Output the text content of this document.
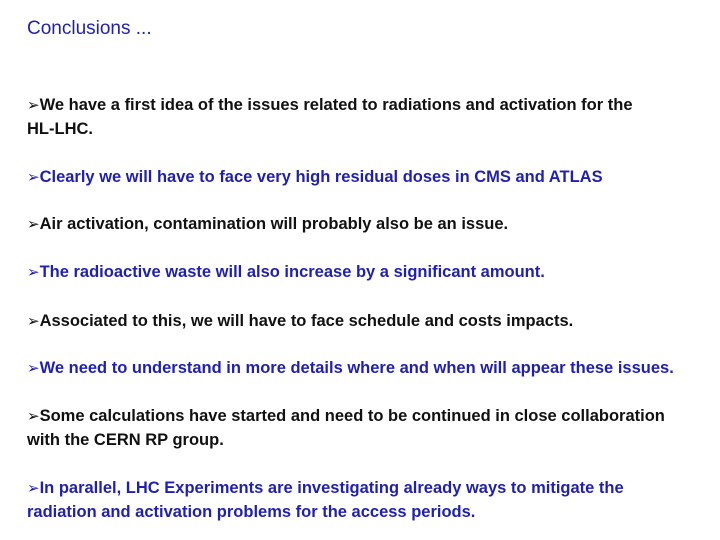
Conclusions ...

➢We have a first idea of the issues related to radiations and activation for the
HL-LHC.

➢Clearly we will have to face very high residual doses in CMS and ATLAS

➢Air activation, contamination will probably also be an issue.

➢The radioactive waste will also increase by a significant amount.

➢Associated to this, we will have to face schedule and costs impacts.

➢We need to understand in more details where and when will appear these issues.

➢Some calculations have started and need to be continued in close collaboration
with the CERN RP group.

➢In parallel, LHC Experiments are investigating already ways to mitigate the
radiation and activation problems for the access periods.
